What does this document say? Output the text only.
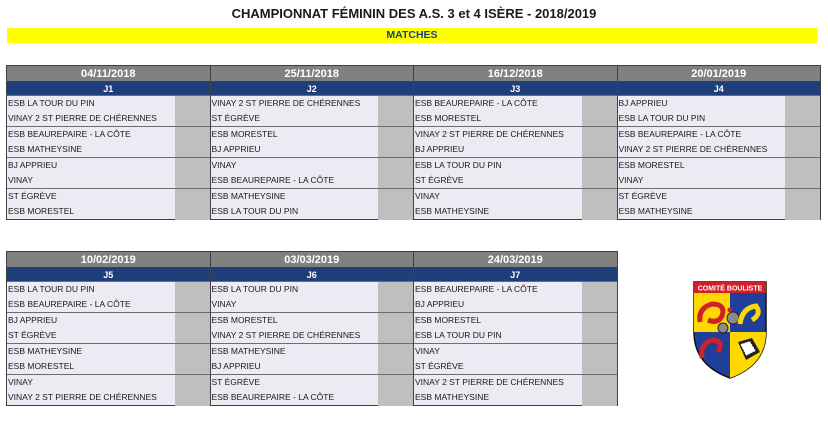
CHAMPIONNAT FÉMININ DES A.S. 3 et 4 ISÈRE - 2018/2019
MATCHES
04/11/2018		25/11/2018		16/12/2018		20/01/2019	
J1		J2		J3		J4	
ESB LA TOUR DU PIN		VINAY 2 ST PIERRE DE CHÉRENNES		ESB BEAUREPAIRE - LA CÔTE		BJ APPRIEU	
VINAY 2 ST PIERRE DE CHÉRENNES		ST ÉGRÈVE		ESB MORESTEL		ESB LA TOUR DU PIN	
ESB BEAUREPAIRE - LA CÔTE		ESB MORESTEL		VINAY 2 ST PIERRE DE CHÉRENNES		ESB BEAUREPAIRE - LA CÔTE	
ESB MATHEYSINE		BJ APPRIEU		BJ APPRIEU		VINAY 2 ST PIERRE DE CHÉRENNES	
BJ APPRIEU		VINAY		ESB LA TOUR DU PIN		ESB MORESTEL	
VINAY		ESB BEAUREPAIRE - LA CÔTE		ST ÉGRÈVE		VINAY	
ST ÉGRÈVE		ESB MATHEYSINE		VINAY		ST ÉGRÈVE	
ESB MORESTEL		ESB LA TOUR DU PIN		ESB MATHEYSINE		ESB MATHEYSINE	
10/02/2019		03/03/2019		24/03/2019	
J5		J6		J7	
ESB LA TOUR DU PIN		ESB LA TOUR DU PIN		ESB BEAUREPAIRE - LA CÔTE	
ESB BEAUREPAIRE - LA CÔTE		VINAY		BJ APPRIEU	
BJ APPRIEU		ESB MORESTEL		ESB MORESTEL	
ST ÉGRÈVE		VINAY 2 ST PIERRE DE CHÉRENNES		ESB LA TOUR DU PIN	
ESB MATHEYSINE		ESB MATHEYSINE		VINAY	
ESB MORESTEL		BJ APPRIEU		ST ÉGRÈVE	
VINAY		ST ÉGRÈVE		VINAY 2 ST PIERRE DE CHÉRENNES	
VINAY 2 ST PIERRE DE CHÉRENNES		ESB BEAUREPAIRE - LA CÔTE		ESB MATHEYSINE	
COMITÉ BOULISTE
